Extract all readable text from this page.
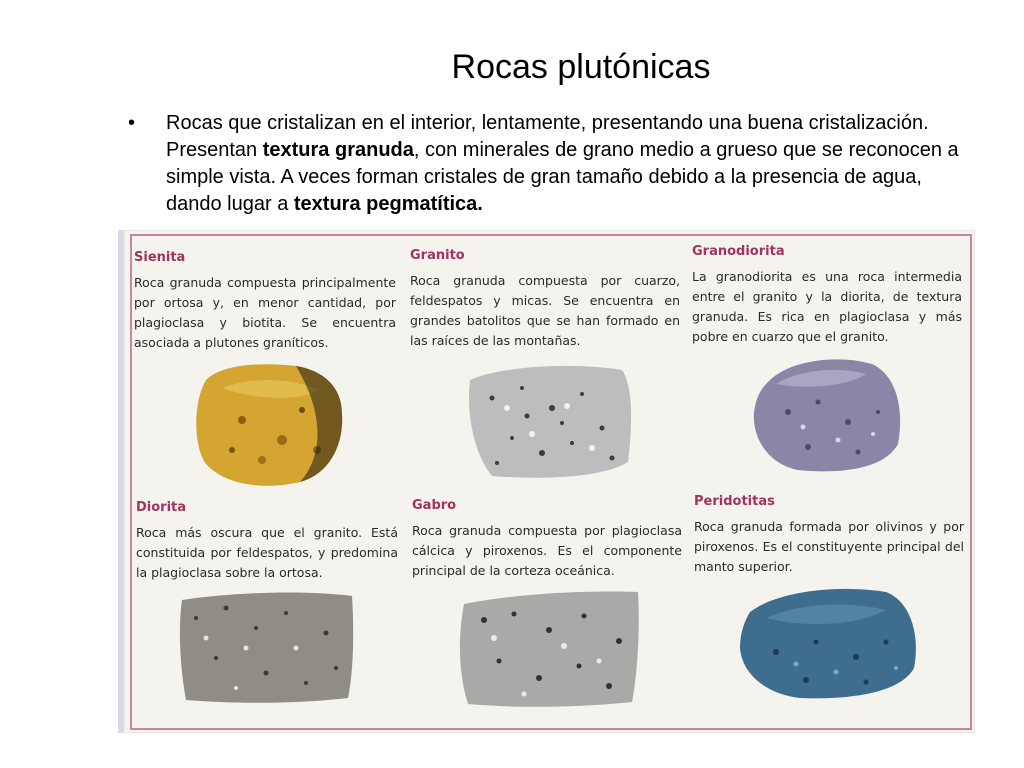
Rocas plutónicas
• Rocas que cristalizan en el interior, lentamente, presentando una buena cristalización. Presentan textura granuda, con minerales de grano medio a grueso que se reconocen a simple vista. A veces forman cristales de gran tamaño debido a la presencia de agua, dando lugar a textura pegmatítica.
Sienita

Roca granuda compuesta principalmente por ortosa y, en menor cantidad, por plagioclasa y biotita. Se encuentra asociada a plutones graníticos.

Granito

Roca granuda compuesta por cuarzo, feldespatos y micas. Se encuentra en grandes batolitos que se han formado en las raíces de las montañas.

Granodiorita

La granodiorita es una roca intermedia entre el granito y la diorita, de textura granuda. Es rica en plagioclasa y más pobre en cuarzo que el granito.

Diorita

Roca más oscura que el granito. Está constituida por feldespatos, y predomina la plagioclasa sobre la ortosa.

Gabro

Roca granuda compuesta por plagioclasa cálcica y piroxenos. Es el componente principal de la corteza oceánica.

Peridotitas

Roca granuda formada por olivinos y por piroxenos. Es el constituyente principal del manto superior.
